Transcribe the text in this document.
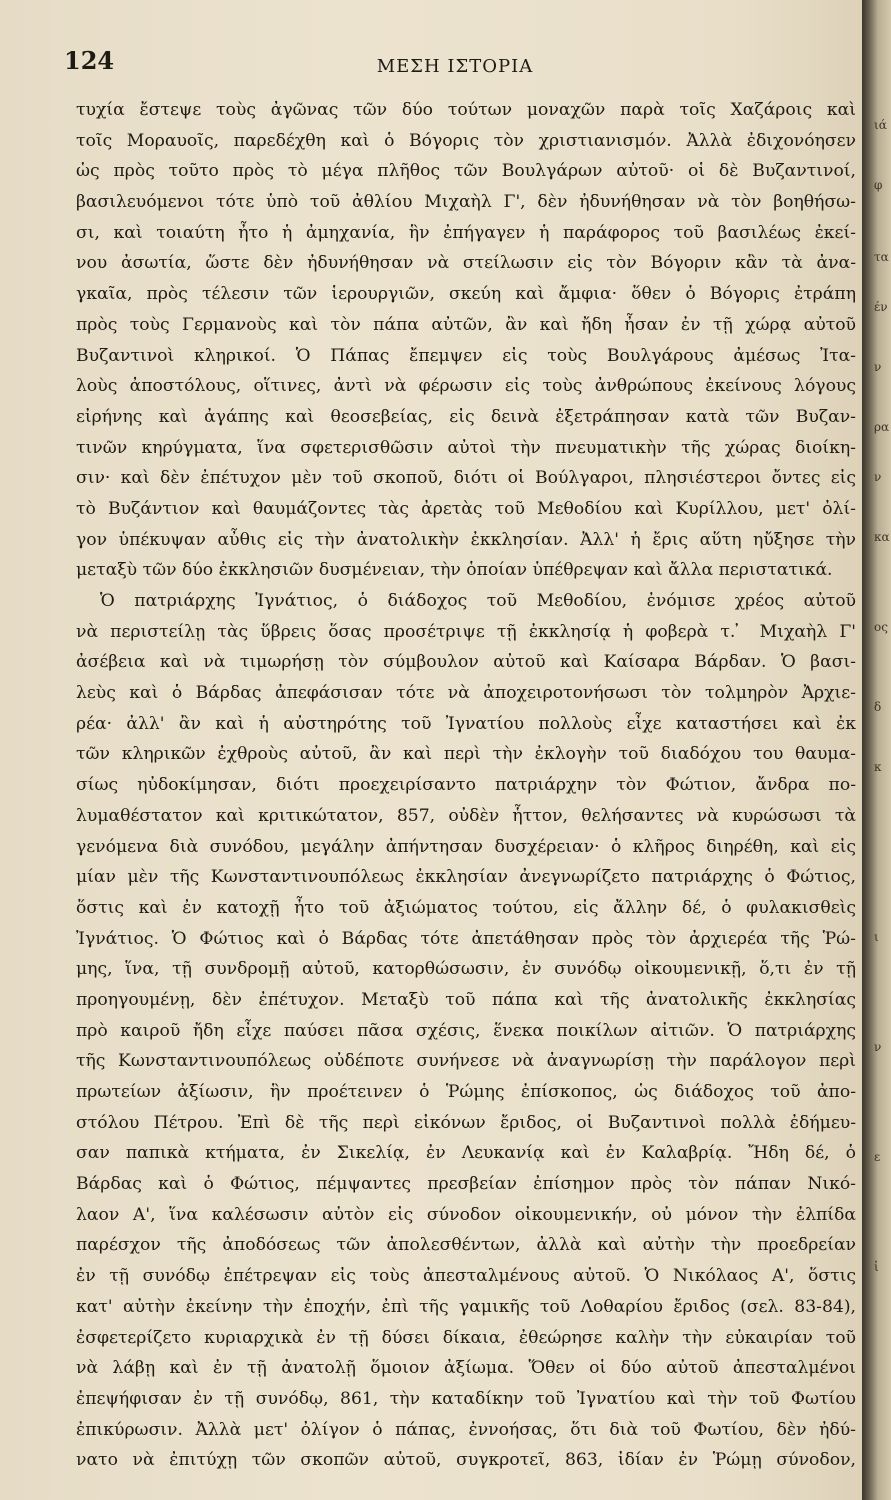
124	ΜΕΣΗ ΙΣΤΟΡΙΑ
τυχία ἔστεψε τοὺς ἀγῶνας τῶν δύο τούτων μοναχῶν παρὰ τοῖς Χαζάροις καὶ
τοῖς Μοραυοῖς, παρεδέχθη καὶ ὁ Βόγορις τὸν χριστιανισμόν. Ἀλλὰ ἐδιχονόησεν
ὡς πρὸς τοῦτο πρὸς τὸ μέγα πλῆθος τῶν Βουλγάρων αὐτοῦ· οἱ δὲ Βυζαντινοί,
βασιλευόμενοι τότε ὑπὸ τοῦ ἀθλίου Μιχαὴλ Γ', δὲν ἠδυνήθησαν νὰ τὸν βοηθήσω-
σι, καὶ τοιαύτη ἦτο ἡ ἀμηχανία, ἣν ἐπήγαγεν ἡ παράφορος τοῦ βασιλέως ἐκεί-
νου ἀσωτία, ὥστε δὲν ἠδυνήθησαν νὰ στείλωσιν εἰς τὸν Βόγοριν κἂν τὰ ἀνα-
γκαῖα, πρὸς τέλεσιν τῶν ἱερουργιῶν, σκεύη καὶ ἄμφια· ὅθεν ὁ Βόγορις ἐτράπη
πρὸς τοὺς Γερμανοὺς καὶ τὸν πάπα αὐτῶν, ἂν καὶ ἤδη ἦσαν ἐν τῇ χώρᾳ αὐτοῦ
Βυζαντινοὶ κληρικοί. Ὁ Πάπας ἔπεμψεν εἰς τοὺς Βουλγάρους ἀμέσως Ἰτα-
λοὺς ἀποστόλους, οἵτινες, ἀντὶ νὰ φέρωσιν εἰς τοὺς ἀνθρώπους ἐκείνους λόγους
εἰρήνης καὶ ἀγάπης καὶ θεοσεβείας, εἰς δεινὰ ἐξετράπησαν κατὰ τῶν Βυζαν-
τινῶν κηρύγματα, ἵνα σφετερισθῶσιν αὐτοὶ τὴν πνευματικὴν τῆς χώρας διοίκη-
σιν· καὶ δὲν ἐπέτυχον μὲν τοῦ σκοποῦ, διότι οἱ Βούλγαροι, πλησιέστεροι ὄντες εἰς
τὸ Βυζάντιον καὶ θαυμάζοντες τὰς ἀρετὰς τοῦ Μεθοδίου καὶ Κυρίλλου, μετ' ὀλί-
γον ὑπέκυψαν αὖθις εἰς τὴν ἀνατολικὴν ἐκκλησίαν. Ἀλλ' ἡ ἔρις αὕτη ηὔξησε τὴν
μεταξὺ τῶν δύο ἐκκλησιῶν δυσμένειαν, τὴν ὁποίαν ὑπέθρεψαν καὶ ἄλλα περιστατικά.
Ὁ πατριάρχης Ἰγνάτιος, ὁ διάδοχος τοῦ Μεθοδίου, ἐνόμισε χρέος αὐτοῦ
νὰ περιστείλῃ τὰς ὕβρεις ὅσας προσέτριψε τῇ ἐκκλησίᾳ ἡ φοβερὰ τ. ̓ Μιχαὴλ Γ'
ἀσέβεια καὶ νὰ τιμωρήσῃ τὸν σύμβουλον αὐτοῦ καὶ Καίσαρα Βάρδαν. Ὁ βασι-
λεὺς καὶ ὁ Βάρδας ἀπεφάσισαν τότε νὰ ἀποχειροτονήσωσι τὸν τολμηρὸν Ἀρχιε-
ρέα· ἀλλ' ἂν καὶ ἡ αὐστηρότης τοῦ Ἰγνατίου πολλοὺς εἶχε καταστήσει καὶ ἐκ
τῶν κληρικῶν ἐχθροὺς αὐτοῦ, ἂν καὶ περὶ τὴν ἐκλογὴν τοῦ διαδόχου του θαυμα-
σίως ηὐδοκίμησαν, διότι προεχειρίσαντο πατριάρχην τὸν Φώτιον, ἄνδρα πο-
λυμαθέστατον καὶ κριτικώτατον, 857, οὐδὲν ἧττον, θελήσαντες νὰ κυρώσωσι τὰ
γενόμενα διὰ συνόδου, μεγάλην ἀπήντησαν δυσχέρειαν· ὁ κλῆρος διηρέθη, καὶ εἰς
μίαν μὲν τῆς Κωνσταντινουπόλεως ἐκκλησίαν ἀνεγνωρίζετο πατριάρχης ὁ Φώτιος,
ὅστις καὶ ἐν κατοχῇ ἦτο τοῦ ἀξιώματος τούτου, εἰς ἄλλην δέ, ὁ φυλακισθεὶς
Ἰγνάτιος. Ὁ Φώτιος καὶ ὁ Βάρδας τότε ἀπετάθησαν πρὸς τὸν ἀρχιερέα τῆς Ῥώ-
μης, ἵνα, τῇ συνδρομῇ αὐτοῦ, κατορθώσωσιν, ἐν συνόδῳ οἰκουμενικῇ, ὅ,τι ἐν τῇ
προηγουμένῃ, δὲν ἐπέτυχον. Μεταξὺ τοῦ πάπα καὶ τῆς ἀνατολικῆς ἐκκλησίας
πρὸ καιροῦ ἤδη εἶχε παύσει πᾶσα σχέσις, ἕνεκα ποικίλων αἰτιῶν. Ὁ πατριάρχης
τῆς Κωνσταντινουπόλεως οὐδέποτε συνήνεσε νὰ ἀναγνωρίσῃ τὴν παράλογον περὶ
πρωτείων ἀξίωσιν, ἣν προέτεινεν ὁ Ῥώμης ἐπίσκοπος, ὡς διάδοχος τοῦ ἀπο-
στόλου Πέτρου. Ἐπὶ δὲ τῆς περὶ εἰκόνων ἔριδος, οἱ Βυζαντινοὶ πολλὰ ἐδήμευ-
σαν παπικὰ κτήματα, ἐν Σικελίᾳ, ἐν Λευκανίᾳ καὶ ἐν Καλαβρίᾳ. Ἤδη δέ, ὁ
Βάρδας καὶ ὁ Φώτιος, πέμψαντες πρεσβείαν ἐπίσημον πρὸς τὸν πάπαν Νικό-
λαον Α', ἵνα καλέσωσιν αὐτὸν εἰς σύνοδον οἰκουμενικήν, οὐ μόνον τὴν ἐλπίδα
παρέσχον τῆς ἀποδόσεως τῶν ἀπολεσθέντων, ἀλλὰ καὶ αὐτὴν τὴν προεδρείαν
ἐν τῇ συνόδῳ ἐπέτρεψαν εἰς τοὺς ἀπεσταλμένους αὐτοῦ. Ὁ Νικόλαος Α', ὅστις
κατ' αὐτὴν ἐκείνην τὴν ἐποχήν, ἐπὶ τῆς γαμικῆς τοῦ Λοθαρίου ἔριδος (σελ. 83-84),
ἐσφετερίζετο κυριαρχικὰ ἐν τῇ δύσει δίκαια, ἐθεώρησε καλὴν τὴν εὐκαιρίαν τοῦ
νὰ λάβῃ καὶ ἐν τῇ ἀνατολῇ ὅμοιον ἀξίωμα. Ὅθεν οἱ δύο αὐτοῦ ἀπεσταλμένοι
ἐπεψήφισαν ἐν τῇ συνόδῳ, 861, τὴν καταδίκην τοῦ Ἰγνατίου καὶ τὴν τοῦ Φωτίου
ἐπικύρωσιν. Ἀλλὰ μετ' ὀλίγον ὁ πάπας, ἐννοήσας, ὅτι διὰ τοῦ Φωτίου, δὲν ἠδύ-
νατο νὰ ἐπιτύχῃ τῶν σκοπῶν αὐτοῦ, συγκροτεῖ, 863, ἰδίαν ἐν Ῥώμῃ σύνοδον,
ιά
φ
τα
έν
ν
ρα
ν
κα
ος
δ
κ
ι
ν
ε
ἰ
